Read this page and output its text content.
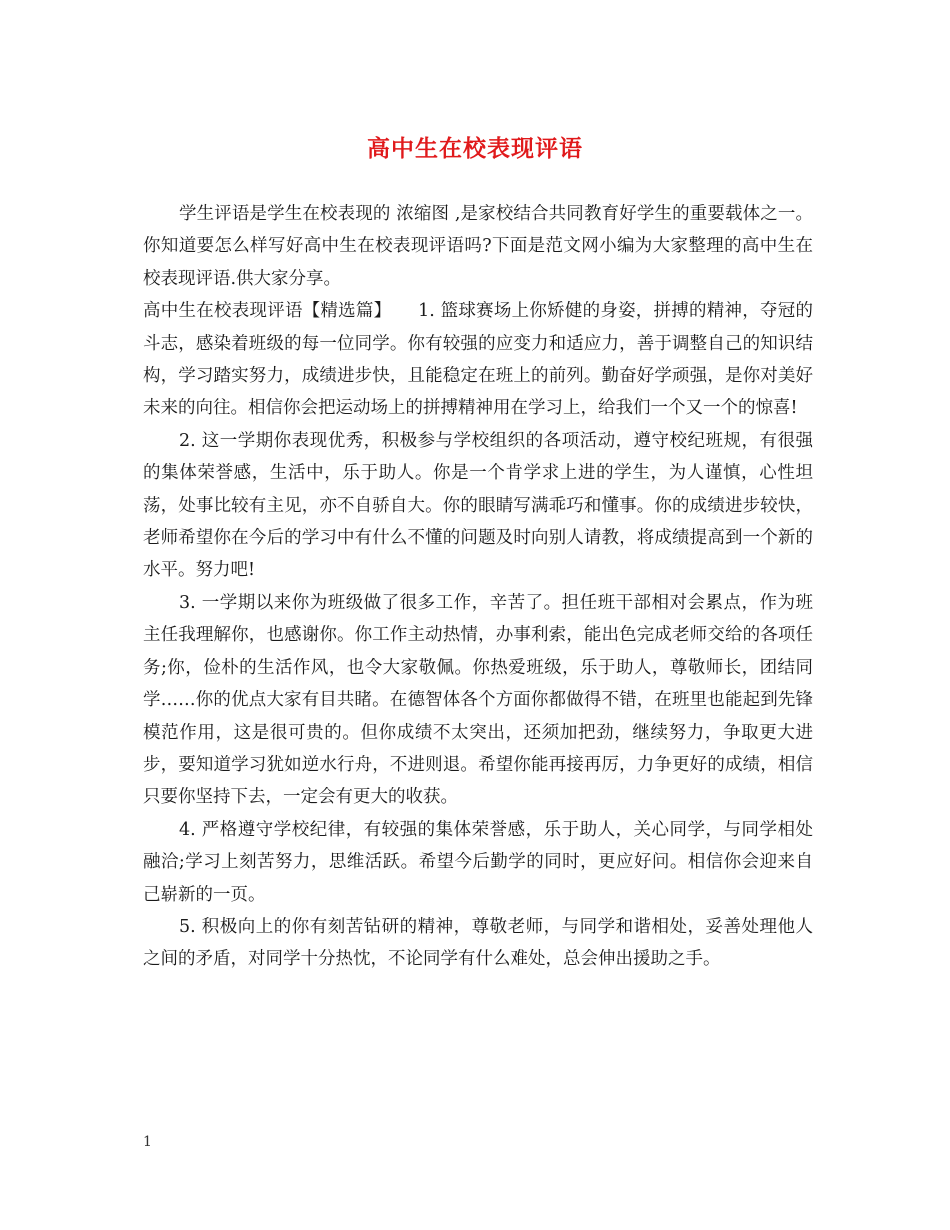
高中生在校表现评语

学生评语是学生在校表现的 浓缩图 ,是家校结合共同教育好学生的重要载体之一。你知道要怎么样写好高中生在校表现评语吗?下面是范文网小编为大家整理的高中生在校表现评语.供大家分享。

高中生在校表现评语【精选篇】　　1. 篮球赛场上你矫健的身姿，拼搏的精神，夺冠的斗志，感染着班级的每一位同学。你有较强的应变力和适应力，善于调整自己的知识结构，学习踏实努力，成绩进步快，且能稳定在班上的前列。勤奋好学顽强，是你对美好未来的向往。相信你会把运动场上的拼搏精神用在学习上，给我们一个又一个的惊喜!

2. 这一学期你表现优秀，积极参与学校组织的各项活动，遵守校纪班规，有很强的集体荣誉感，生活中，乐于助人。你是一个肯学求上进的学生，为人谨慎，心性坦荡，处事比较有主见，亦不自骄自大。你的眼睛写满乖巧和懂事。你的成绩进步较快，老师希望你在今后的学习中有什么不懂的问题及时向别人请教，将成绩提高到一个新的水平。努力吧!

3. 一学期以来你为班级做了很多工作，辛苦了。担任班干部相对会累点，作为班主任我理解你，也感谢你。你工作主动热情，办事利索，能出色完成老师交给的各项任务;你，俭朴的生活作风，也令大家敬佩。你热爱班级，乐于助人，尊敬师长，团结同学……你的优点大家有目共睹。在德智体各个方面你都做得不错，在班里也能起到先锋模范作用，这是很可贵的。但你成绩不太突出，还须加把劲，继续努力，争取更大进步，要知道学习犹如逆水行舟，不进则退。希望你能再接再厉，力争更好的成绩，相信只要你坚持下去，一定会有更大的收获。

4. 严格遵守学校纪律，有较强的集体荣誉感，乐于助人，关心同学，与同学相处融洽;学习上刻苦努力，思维活跃。希望今后勤学的同时，更应好问。相信你会迎来自己崭新的一页。

5. 积极向上的你有刻苦钻研的精神，尊敬老师，与同学和谐相处，妥善处理他人之间的矛盾，对同学十分热忱，不论同学有什么难处，总会伸出援助之手。

1
